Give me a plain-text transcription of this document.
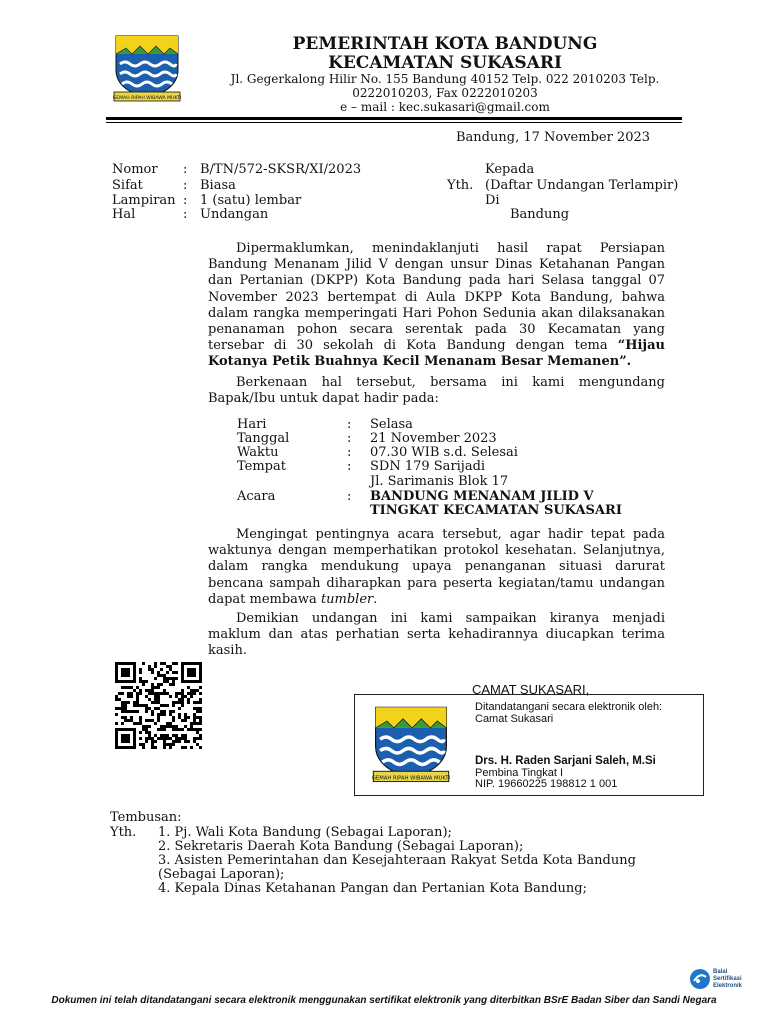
GEMAH RIPAH WIBAWA MUKTI
PEMERINTAH KOTA BANDUNG
KECAMATAN SUKASARI
Jl. Gegerkalong Hilir No. 155 Bandung 40152 Telp. 022 2010203 Telp.
0222010203, Fax 0222010203
e – mail : kec.sukasari@gmail.com
Bandung, 17 November 2023
Nomor : B/TN/572-SKSR/XI/2023
Sifat	: Biasa
Lampiran : 1 (satu) lembar
Hal	: Undangan
Kepada
Yth. (Daftar Undangan Terlampir)
Di
Bandung
Dipermaklumkan, menindaklanjuti hasil rapat Persiapan Bandung Menanam Jilid V dengan unsur Dinas Ketahanan Pangan dan Pertanian (DKPP) Kota Bandung pada hari Selasa tanggal 07 November 2023 bertempat di Aula DKPP Kota Bandung, bahwa dalam rangka memperingati Hari Pohon Sedunia akan dilaksanakan penanaman pohon secara serentak pada 30 Kecamatan yang tersebar di 30 sekolah di Kota Bandung dengan tema “Hijau Kotanya Petik Buahnya Kecil Menanam Besar Memanen”.
Berkenaan hal tersebut, bersama ini kami mengundang Bapak/Ibu untuk dapat hadir pada:
Hari	: Selasa
Tanggal	: 21 November 2023
Waktu	: 07.30 WIB s.d. Selesai
Tempat	: SDN 179 Sarijadi
Jl. Sarimanis Blok 17
Acara	: BANDUNG MENANAM JILID V
TINGKAT KECAMATAN SUKASARI
Mengingat pentingnya acara tersebut, agar hadir tepat pada waktunya dengan memperhatikan protokol kesehatan. Selanjutnya, dalam rangka mendukung upaya penanganan situasi darurat bencana sampah diharapkan para peserta kegiatan/tamu undangan dapat membawa tumbler.
Demikian undangan ini kami sampaikan kiranya menjadi maklum dan atas perhatian serta kehadirannya diucapkan terima kasih.
CAMAT SUKASARI,
GEMAH RIPAH WIBAWA MUKTI
Ditandatangani secara elektronik oleh:
Camat Sukasari
Drs. H. Raden Sarjani Saleh, M.Si
Pembina Tingkat I
NIP. 19660225 198812 1 001
Tembusan:
Yth. 1. Pj. Wali Kota Bandung (Sebagai Laporan);
2. Sekretaris Daerah Kota Bandung (Sebagai Laporan);
3. Asisten Pemerintahan dan Kesejahteraan Rakyat Setda Kota Bandung
(Sebagai Laporan);
4. Kepala Dinas Ketahanan Pangan dan Pertanian Kota Bandung;
Balai
Sertifikasi
Elektronik
Dokumen ini telah ditandatangani secara elektronik menggunakan sertifikat elektronik yang diterbitkan BSrE Badan Siber dan Sandi Negara
